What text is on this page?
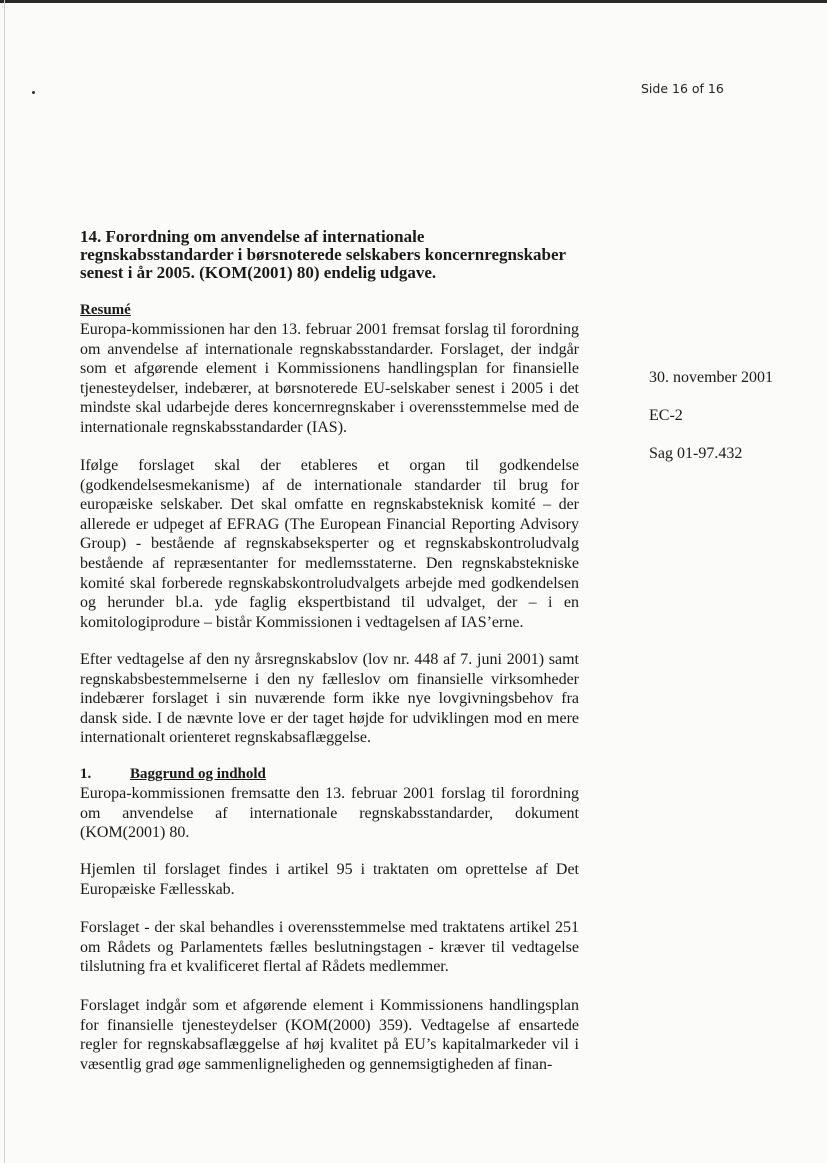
Side 16 of 16
14. Forordning om anvendelse af internationale regnskabsstandarder i børsnoterede selskabers koncernregnskaber senest i år 2005. (KOM(2001) 80) endelig udgave.
30. november 2001
EC-2
Sag 01-97.432
Resumé

Europa-kommissionen har den 13. februar 2001 fremsat forslag til forordning om anvendelse af internationale regnskabsstandarder. Forslaget, der indgår som et afgørende element i Kommissionens handlingsplan for finansielle tjenesteydelser, indebærer, at børsnoterede EU-selskaber senest i 2005 i det mindste skal udarbejde deres koncernregnskaber i overensstemmelse med de internationale regnskabsstandarder (IAS).

Ifølge forslaget skal der etableres et organ til godkendelse (godkendelsesmekanisme) af de internationale standarder til brug for europæiske selskaber. Det skal omfatte en regnskabsteknisk komité – der allerede er udpeget af EFRAG (The European Financial Reporting Advisory Group) - bestående af regnskabseksperter og et regnskabskontroludvalg bestående af repræsentanter for medlemsstaterne. Den regnskabstekniske komité skal forberede regnskabskontroludvalgets arbejde med godkendelsen og herunder bl.a. yde faglig ekspertbistand til udvalget, der – i en komitologiprodure – bistår Kommissionen i vedtagelsen af IAS’erne.

Efter vedtagelse af den ny årsregnskabslov (lov nr. 448 af 7. juni 2001) samt regnskabsbestemmelserne i den ny fælleslov om finansielle virksomheder indebærer forslaget i sin nuværende form ikke nye lovgivningsbehov fra dansk side. I de nævnte love er der taget højde for udviklingen mod en mere internationalt orienteret regnskabsaflæggelse.

1.	Baggrund og indhold

Europa-kommissionen fremsatte den 13. februar 2001 forslag til forordning om anvendelse af internationale regnskabsstandarder, dokument (KOM(2001) 80.

Hjemlen til forslaget findes i artikel 95 i traktaten om oprettelse af Det Europæiske Fællesskab.

Forslaget - der skal behandles i overensstemmelse med traktatens artikel 251 om Rådets og Parlamentets fælles beslutningstagen - kræver til vedtagelse tilslutning fra et kvalificeret flertal af Rådets medlemmer.

Forslaget indgår som et afgørende element i Kommissionens handlingsplan for finansielle tjenesteydelser (KOM(2000) 359). Vedtagelse af ensartede regler for regnskabsaflæggelse af høj kvalitet på EU’s kapitalmarkeder vil i væsentlig grad øge sammenligneligheden og gennemsigtigheden af finan-
